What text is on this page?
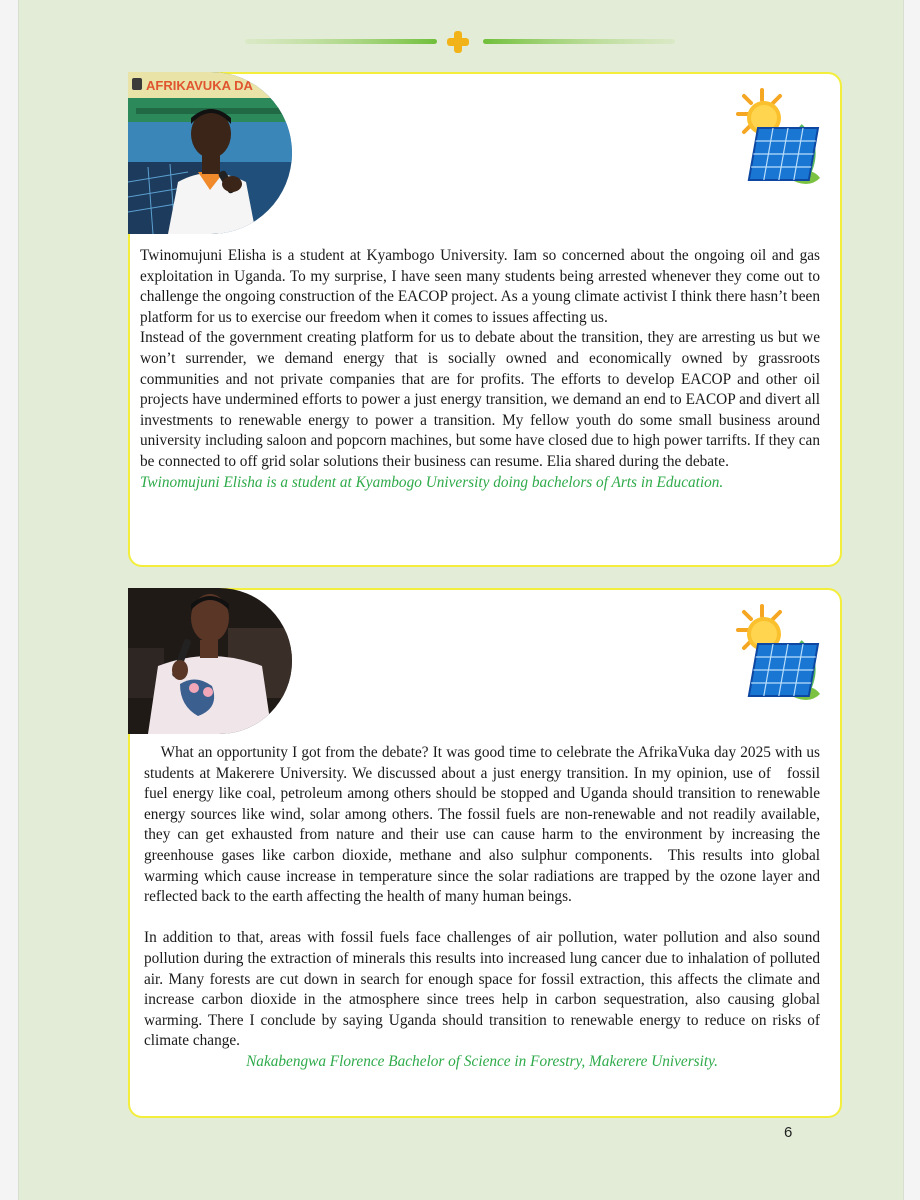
AFRIKAVUKA DA

Twinomujuni Elisha is a student at Kyambogo University. Iam so concerned about the ongoing oil and gas exploitation in Uganda. To my surprise, I have seen many students being arrested whenever they come out to challenge the ongoing construction of the EACOP project. As a young climate activist I think there hasn’t been platform for us to exercise our freedom when it comes to issues affecting us.

Instead of the government creating platform for us to debate about the transition, they are arresting us but we won’t surrender, we demand energy that is socially owned and economically owned by grassroots communities and not private companies that are for profits. The efforts to develop EACOP and other oil projects have undermined efforts to power a just energy transition, we demand an end to EACOP and divert all investments to renewable energy to power a transition. My fellow youth do some small business around university including saloon and popcorn machines, but some have closed due to high power tarrifts. If they can be connected to off grid solar solutions their business can resume. Elia shared during the debate.

Twinomujuni Elisha is a student at Kyambogo University doing bachelors of Arts in Education.

What an opportunity I got from the debate? It was good time to celebrate the AfrikaVuka day 2025 with us students at Makerere University. We discussed about a just energy transition. In my opinion, use of   fossil fuel energy like coal, petroleum among others should be stopped and Uganda should transition to renewable energy sources like wind, solar among others. The fossil fuels are non-renewable and not readily available, they can get exhausted from nature and their use can cause harm to the environment by increasing the greenhouse gases like carbon dioxide, methane and also sulphur components.  This results into global warming which cause increase in temperature since the solar radiations are trapped by the ozone layer and reflected back to the earth affecting the health of many human beings.

In addition to that, areas with fossil fuels face challenges of air pollution, water pollution and also sound pollution during the extraction of minerals this results into increased lung cancer due to inhalation of polluted air. Many forests are cut down in search for enough space for fossil extraction, this affects the climate and increase carbon dioxide in the atmosphere since trees help in carbon sequestration, also causing global warming. There I conclude by saying Uganda should transition to renewable energy to reduce on risks of climate change.

Nakabengwa Florence Bachelor of Science in Forestry, Makerere University.

6
